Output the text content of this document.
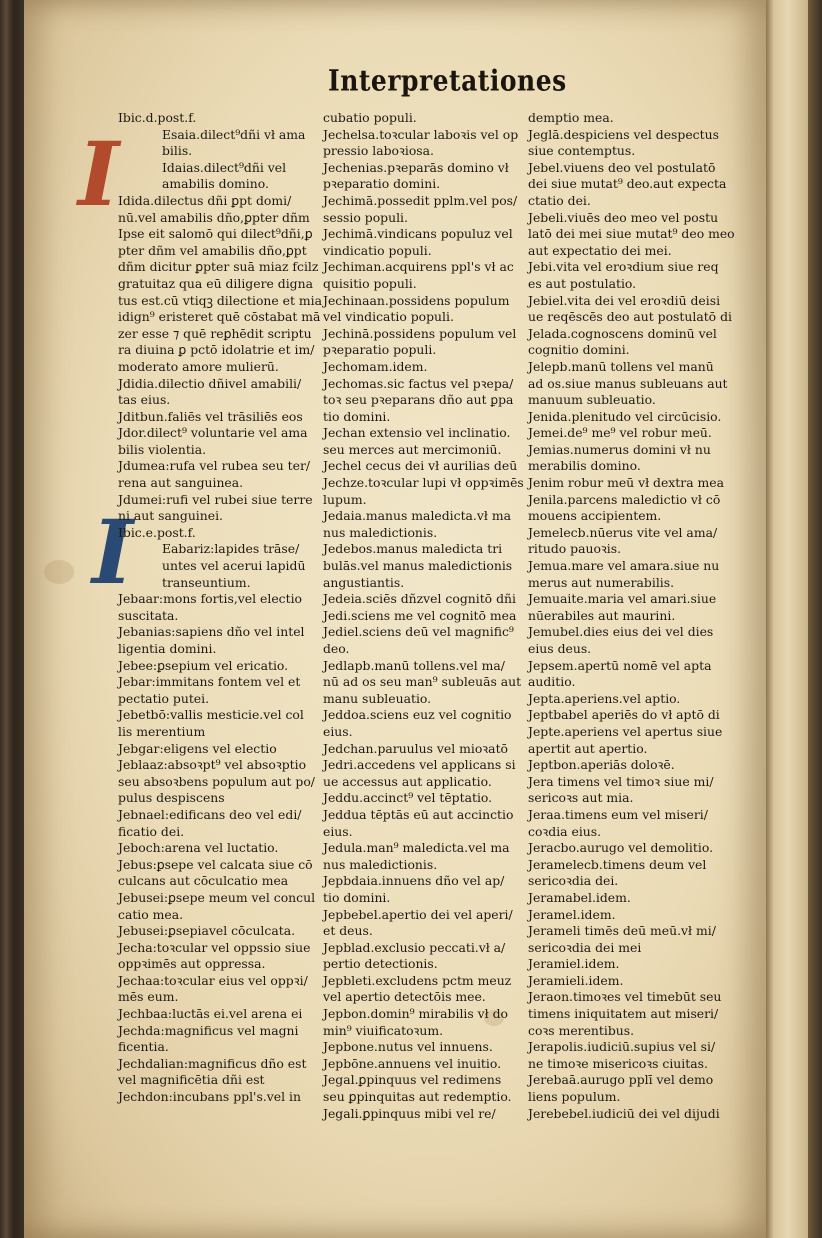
Interpretationes
I
I
Ibic.d.post.f.
Esaia.dilect⁹dñi vł ama
bilis.
Idaias.dilect⁹dñi vel
amabilis domino.
Idida.dilectus dñi ꝑpt domi/
nū.vel amabilis dño,ꝑpter dñm
Ipse eit salomō qui dilect⁹dñi,ꝑ
pter dñm vel amabilis dño,ꝑpt
dñm dicitur ꝑpter suā miaz fcilz
gratuitaz qua eū diligere digna
tus est.cū vtiqꝫ dilectione et mia
idign⁹ eristeret quē cōstabat mā
zer esse ⁊ quē reꝑhēdit scriptu
ra diuina ꝑ pctō idolatrie et im/
moderato amore mulierū.
Jdidia.dilectio dñivel amabili/
tas eius.
Jditbun.faliēs vel trāsiliēs eos
Jdor.dilect⁹ voluntarie vel ama
bilis violentia.
Jdumea:rufa vel rubea seu ter/
rena aut sanguinea.
Jdumei:rufi vel rubei siue terre
ni aut sanguinei.
Ibic.e.post.f.
Eabariz:lapides trāse/
untes vel acerui lapidū
transeuntium.
Jebaar:mons fortis,vel electio
suscitata.
Jebanias:sapiens dño vel intel
ligentia domini.
Jebee:ꝑsepium vel ericatio.
Jebar:immitans fontem vel et
pectatio putei.
Jebetbō:vallis mesticie.vel col
lis merentium
Jebgar:eligens vel electio
Jeblaaz:absoꝛpt⁹ vel absoꝛptio
seu absoꝛbens populum aut po/
pulus despiscens
Jebnael:edificans deo vel edi/
ficatio dei.
Jeboch:arena vel luctatio.
Jebus:ꝑsepe vel calcata siue cō
culcans aut cōculcatio mea
Jebusei:ꝑsepe meum vel concul
catio mea.
Jebusei:ꝑsepiavel cōculcata.
Jecha:toꝛcular vel oppssio siue
oppꝛimēs aut oppressa.
Jechaa:toꝛcular eius vel oppꝛi/
mēs eum.
Jechbaa:luctās ei.vel arena ei
Jechda:magnificus vel magni
ficentia.
Jechdalian:magnificus dño est
vel magnificētia dñi est
Jechdon:incubans ppl's.vel in
cubatio populi.
Jechelsa.toꝛcular laboꝛis vel op
pressio laboꝛiosa.
Jechenias.pꝛeparās domino vł
pꝛeparatio domini.
Jechimā.possedit pplm.vel pos/
sessio populi.
Jechimā.vindicans populuz vel
vindicatio populi.
Jechiman.acquirens ppl's vł ac
quisitio populi.
Jechinaan.possidens populum
vel vindicatio populi.
Jechinā.possidens populum vel
pꝛeparatio populi.
Jechomam.idem.
Jechomas.sic factus vel pꝛepa/
toꝛ seu pꝛeparans dño aut ꝑpa
tio domini.
Jechan extensio vel inclinatio.
seu merces aut mercimoniū.
Jechel cecus dei vł aurilias deū
Jechze.toꝛcular lupi vł oppꝛimēs
lupum.
Jedaia.manus maledicta.vł ma
nus maledictionis.
Jedebos.manus maledicta tri
bulās.vel manus maledictionis
angustiantis.
Jedeia.sciēs dñzvel cognitō dñi
Jedi.sciens me vel cognitō mea
Jediel.sciens deū vel magnific⁹
deo.
Jedlapb.manū tollens.vel ma/
nū ad os seu man⁹ subleuās aut
manu subleuatio.
Jeddoa.sciens euz vel cognitio
eius.
Jedchan.paruulus vel mioꝛatō
Jedri.accedens vel applicans si
ue accessus aut applicatio.
Jeddu.accinct⁹ vel tēptatio.
Jeddua tēptās eū aut accinctio
eius.
Jedula.man⁹ maledicta.vel ma
nus maledictionis.
Jepbdaia.innuens dño vel ap/
tio domini.
Jepbebel.apertio dei vel aperi/
et deus.
Jepblad.exclusio peccati.vł a/
pertio detectionis.
Jepbleti.excludens pctm meuz
vel apertio detectōis mee.
Jepbon.domin⁹ mirabilis vł do
min⁹ viuificatoꝛum.
Jepbone.nutus vel innuens.
Jepbōne.annuens vel inuitio.
Jegal.ꝑpinquus vel redimens
seu ꝑpinquitas aut redemptio.
Jegali.ꝑpinquus mibi vel re/
demptio mea.
Jeglā.despiciens vel despectus
siue contemptus.
Jebel.viuens deo vel postulatō
dei siue mutat⁹ deo.aut expecta
ctatio dei.
Jebeli.viuēs deo meo vel postu
latō dei mei siue mutat⁹ deo meo
aut expectatio dei mei.
Jebi.vita vel eroꝛdium siue req
es aut postulatio.
Jebiel.vita dei vel eroꝛdiū deisi
ue reqēscēs deo aut postulatō di
Jelada.cognoscens dominū vel
cognitio domini.
Jelepb.manū tollens vel manū
ad os.siue manus subleuans aut
manuum subleuatio.
Jenida.plenitudo vel circūcisio.
Jemei.de⁹ me⁹ vel robur meū.
Jemias.numerus domini vł nu
merabilis domino.
Jenim robur meū vł dextra mea
Jenila.parcens maledictio vł cō
mouens accipientem.
Jemelecb.nūerus vite vel ama/
ritudo pauoꝛis.
Jemua.mare vel amara.siue nu
merus aut numerabilis.
Jemuaite.maria vel amari.siue
nūerabiles aut maurini.
Jemubel.dies eius dei vel dies
eius deus.
Jepsem.apertū nomē vel apta
auditio.
Jepta.aperiens.vel aptio.
Jeptbabel aperiēs do vł aptō di
Jepte.aperiens vel apertus siue
apertit aut apertio.
Jeptbon.aperiās doloꝛē.
Jera timens vel timoꝛ siue mi/
sericoꝛs aut mia.
Jeraa.timens eum vel miseri/
coꝛdia eius.
Jeracbo.aurugo vel demolitio.
Jeramelecb.timens deum vel
sericoꝛdia dei.
Jeramabel.idem.
Jeramel.idem.
Jerameli timēs deū meū.vł mi/
sericoꝛdia dei mei
Jeramiel.idem.
Jeramieli.idem.
Jeraon.timoꝛes vel timebūt seu
timens iniquitatem aut miseri/
coꝛs merentibus.
Jerapolis.iudiciū.supius vel si/
ne timoꝛe misericoꝛs ciuitas.
Jerebaā.aurugo pplī vel demo
liens populum.
Jerebebel.iudiciū dei vel dijudi
